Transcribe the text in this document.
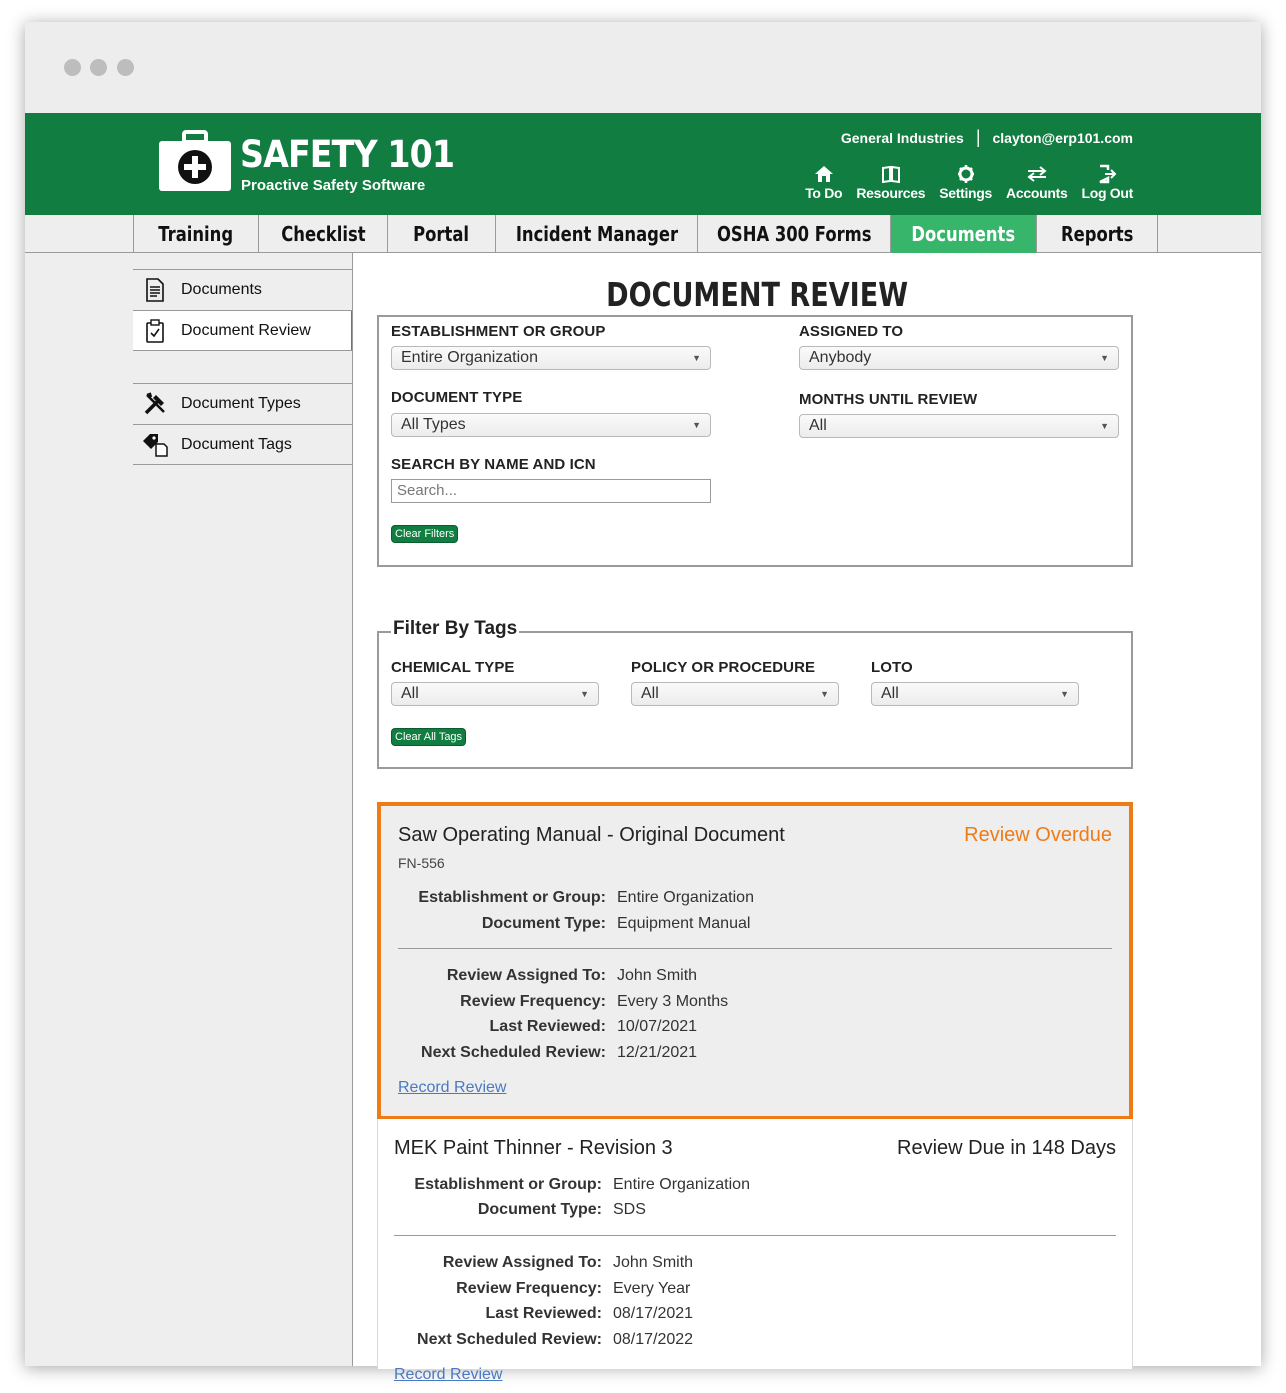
SAFETY 101
Proactive Safety Software
General Industries | clayton@erp101.com
To Do Resources Settings Accounts Log Out
Training Checklist Portal Incident Manager OSHA 300 Forms Documents Reports
Documents
Document Review
Document Types
Document Tags
DOCUMENT REVIEW
ESTABLISHMENT OR GROUP
Entire Organization	▼
ASSIGNED TO
Anybody	▼
DOCUMENT TYPE
All Types	▼
MONTHS UNTIL REVIEW
All	▼
SEARCH BY NAME AND ICN
Search...
Clear Filters
Filter By Tags
CHEMICAL TYPE
All	▼
POLICY OR PROCEDURE
All	▼
LOTO
All	▼
Clear All Tags
Saw Operating Manual - Original Document	Review Overdue
FN-556
Establishment or Group: Entire Organization
Document Type: Equipment Manual
Review Assigned To: John Smith
Review Frequency: Every 3 Months
Last Reviewed: 10/07/2021
Next Scheduled Review: 12/21/2021
Record Review
MEK Paint Thinner - Revision 3	Review Due in 148 Days
Establishment or Group: Entire Organization
Document Type: SDS
Review Assigned To: John Smith
Review Frequency: Every Year
Last Reviewed: 08/17/2021
Next Scheduled Review: 08/17/2022
Record Review
